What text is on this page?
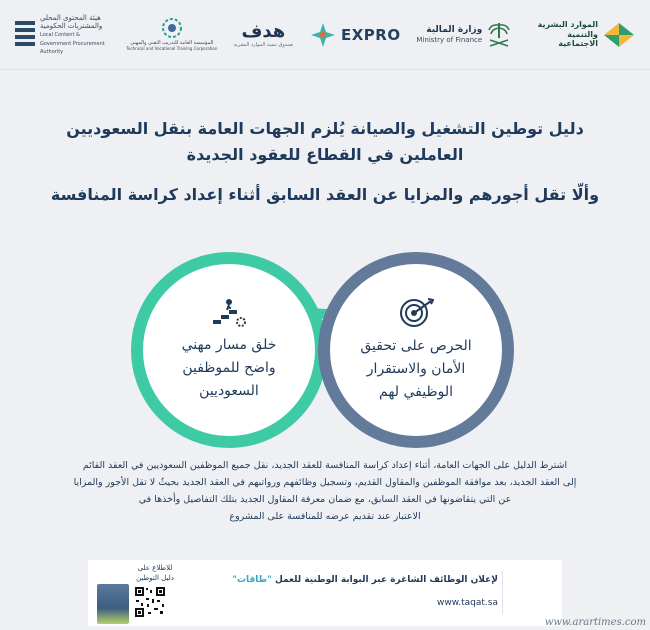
هيئة المحتوى المحلي والمشتريات الحكومية
Local Content & Government Procurement Authority
المؤسسة العامة للتدريب التقني والمهني
Technical and Vocational Training Corporation
هدف
صندوق تنمية الموارد البشرية
EXPRO	وزارة المالية
Ministry of Finance
الموارد البشرية والتنمية الاجتماعية
دليل توطين التشغيل والصيانة يُلزم الجهات العامة بنقل السعوديين
العاملين في القطاع للعقود الجديدة
وألّا تقل أجورهم والمزايا عن العقد السابق أثناء إعداد كراسة المنافسة
خلق مسار مهني
واضح للموظفين
السعوديين
الحرص على تحقيق
الأمان والاستقرار
الوظيفي لهم
اشترط الدليل على الجهات العامة، أثناء إعداد كراسة المنافسة للعقد الجديد، نقل جميع الموظفين السعوديين في العقد القائم
إلى العقد الجديد، بعد موافقة الموظفين والمقاول القديم، وتسجيل وظائفهم ورواتبهم في العقد الجديد بحيثُ لا تقل الأجور والمزايا
عن التي يتقاضونها في العقد السابق، مع ضمان معرفة المقاول الجديد بتلك التفاصيل وأخذها في
الاعتبار عند تقديم عرضه للمنافسة على المشروع
للاطلاع على
دليل التوطين	لإعلان الوظائف الشاغرة عبر البوابة الوطنية للعمل "طاقات"
www.taqat.sa
www.arartimes.com
